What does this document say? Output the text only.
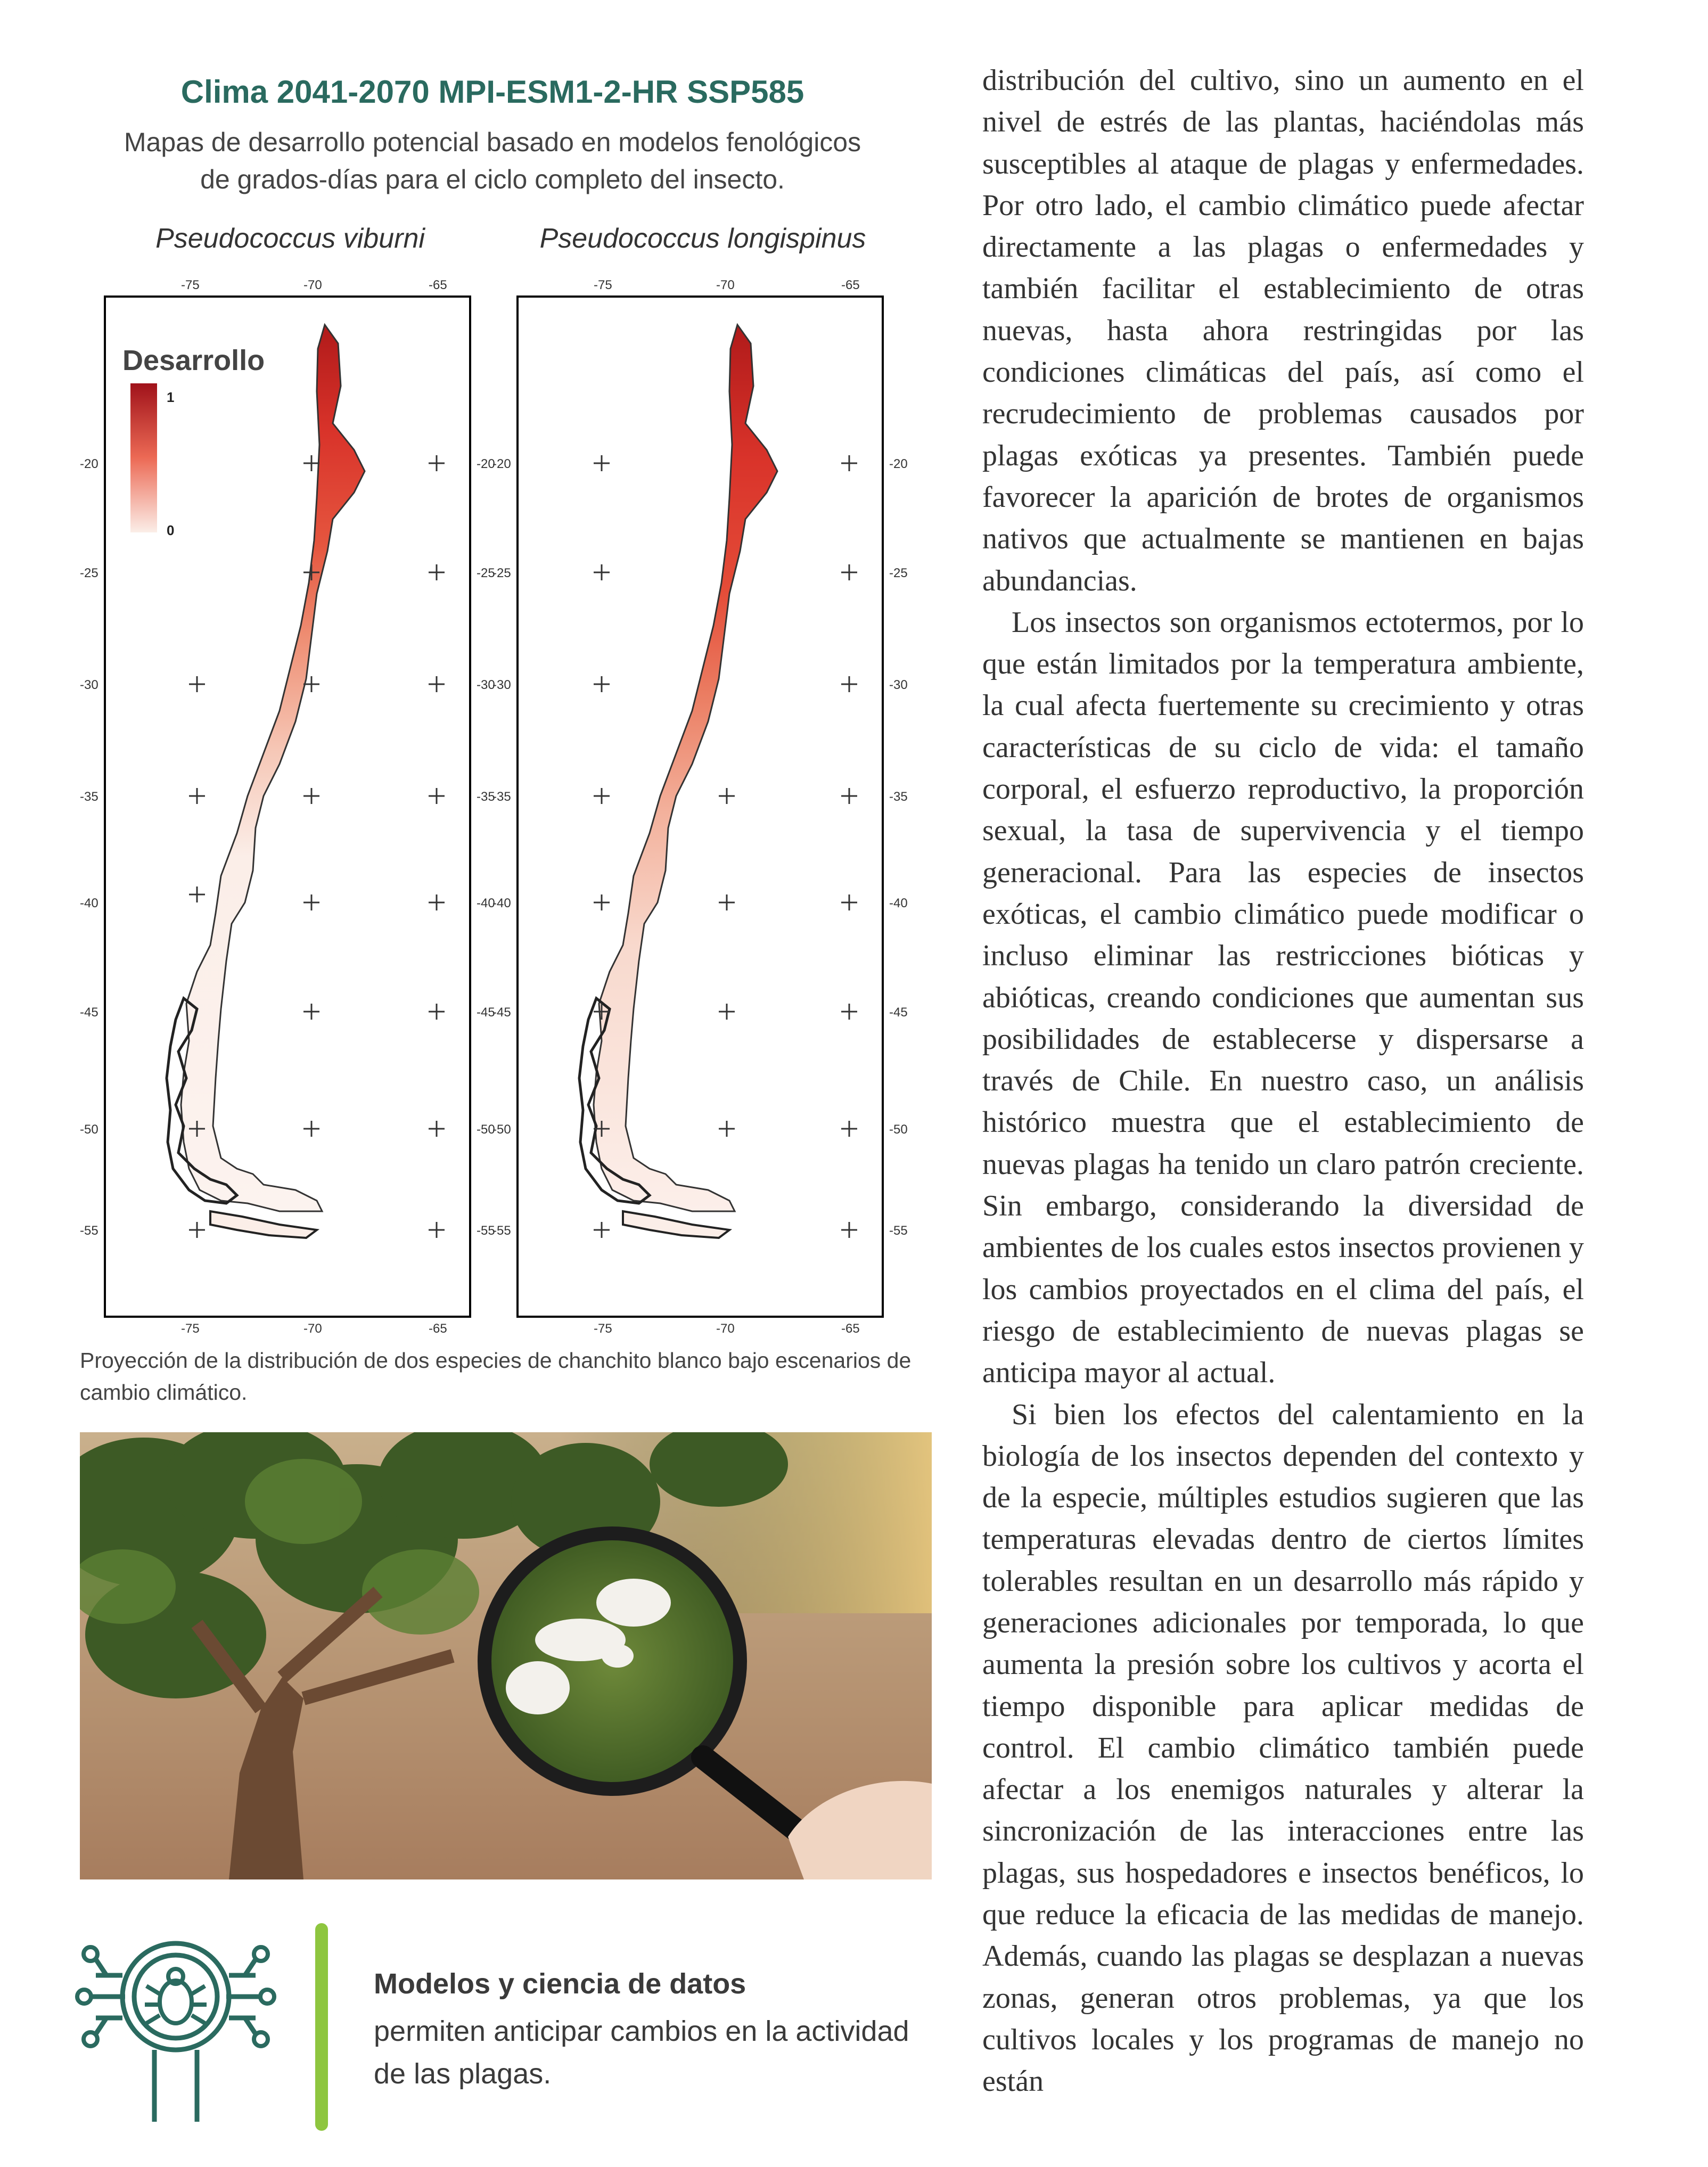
Clima 2041-2070 MPI-ESM1-2-HR SSP585
Mapas de desarrollo potencial basado en modelos fenológicos
de grados-días para el ciclo completo del insecto.
Pseudococcus viburni	Pseudococcus longispinus
Desarrollo
1
0
-75
-75
-70
-70
-65
-65
-20	-20
-25	-25
-30	-30
-35	-35
-40	-40
-45	-45
-50	-50
-55	-55
-75
-75
-70
-70
-65
-65
-20	-20
-25	-25
-30	-30
-35	-35
-40	-40
-45	-45
-50	-50
-55	-55
Proyección de la distribución de dos especies de chanchito blanco bajo escenarios de cambio climático.
Modelos y ciencia de datos
permiten anticipar cambios en la actividad de las plagas.

distribución del cultivo, sino un aumento en el nivel de estrés de las plantas, haciéndolas más susceptibles al ataque de plagas y enfermedades. Por otro lado, el cambio climático puede afectar directamente a las plagas o enfermedades y también facilitar el establecimiento de otras nuevas, hasta ahora restringidas por las condiciones climáticas del país, así como el recrudecimiento de problemas causados por plagas exóticas ya presentes. También puede favorecer la aparición de brotes de organismos nativos que actualmente se mantienen en bajas abundancias.

Los insectos son organismos ectotermos, por lo que están limitados por la temperatura ambiente, la cual afecta fuertemente su crecimiento y otras características de su ciclo de vida: el tamaño corporal, el esfuerzo reproductivo, la proporción sexual, la tasa de supervivencia y el tiempo generacional. Para las especies de insectos exóticas, el cambio climático puede modificar o incluso eliminar las restricciones bióticas y abióticas, creando condiciones que aumentan sus posibilidades de establecerse y dispersarse a través de Chile. En nuestro caso, un análisis histórico muestra que el establecimiento de nuevas plagas ha tenido un claro patrón creciente. Sin embargo, considerando la diversidad de ambientes de los cuales estos insectos provienen y los cambios proyectados en el clima del país, el riesgo de establecimiento de nuevas plagas se anticipa mayor al actual.

Si bien los efectos del calentamiento en la biología de los insectos dependen del contexto y de la especie, múltiples estudios sugieren que las temperaturas elevadas dentro de ciertos límites tolerables resultan en un desarrollo más rápido y generaciones adicionales por temporada, lo que aumenta la presión sobre los cultivos y acorta el tiempo disponible para aplicar medidas de control. El cambio climático también puede afectar a los enemigos naturales y alterar la sincronización de las interacciones entre las plagas, sus hospedadores e insectos benéficos, lo que reduce la eficacia de las medidas de manejo. Además, cuando las plagas se desplazan a nuevas zonas, generan otros problemas, ya que los cultivos locales y los programas de manejo no están
